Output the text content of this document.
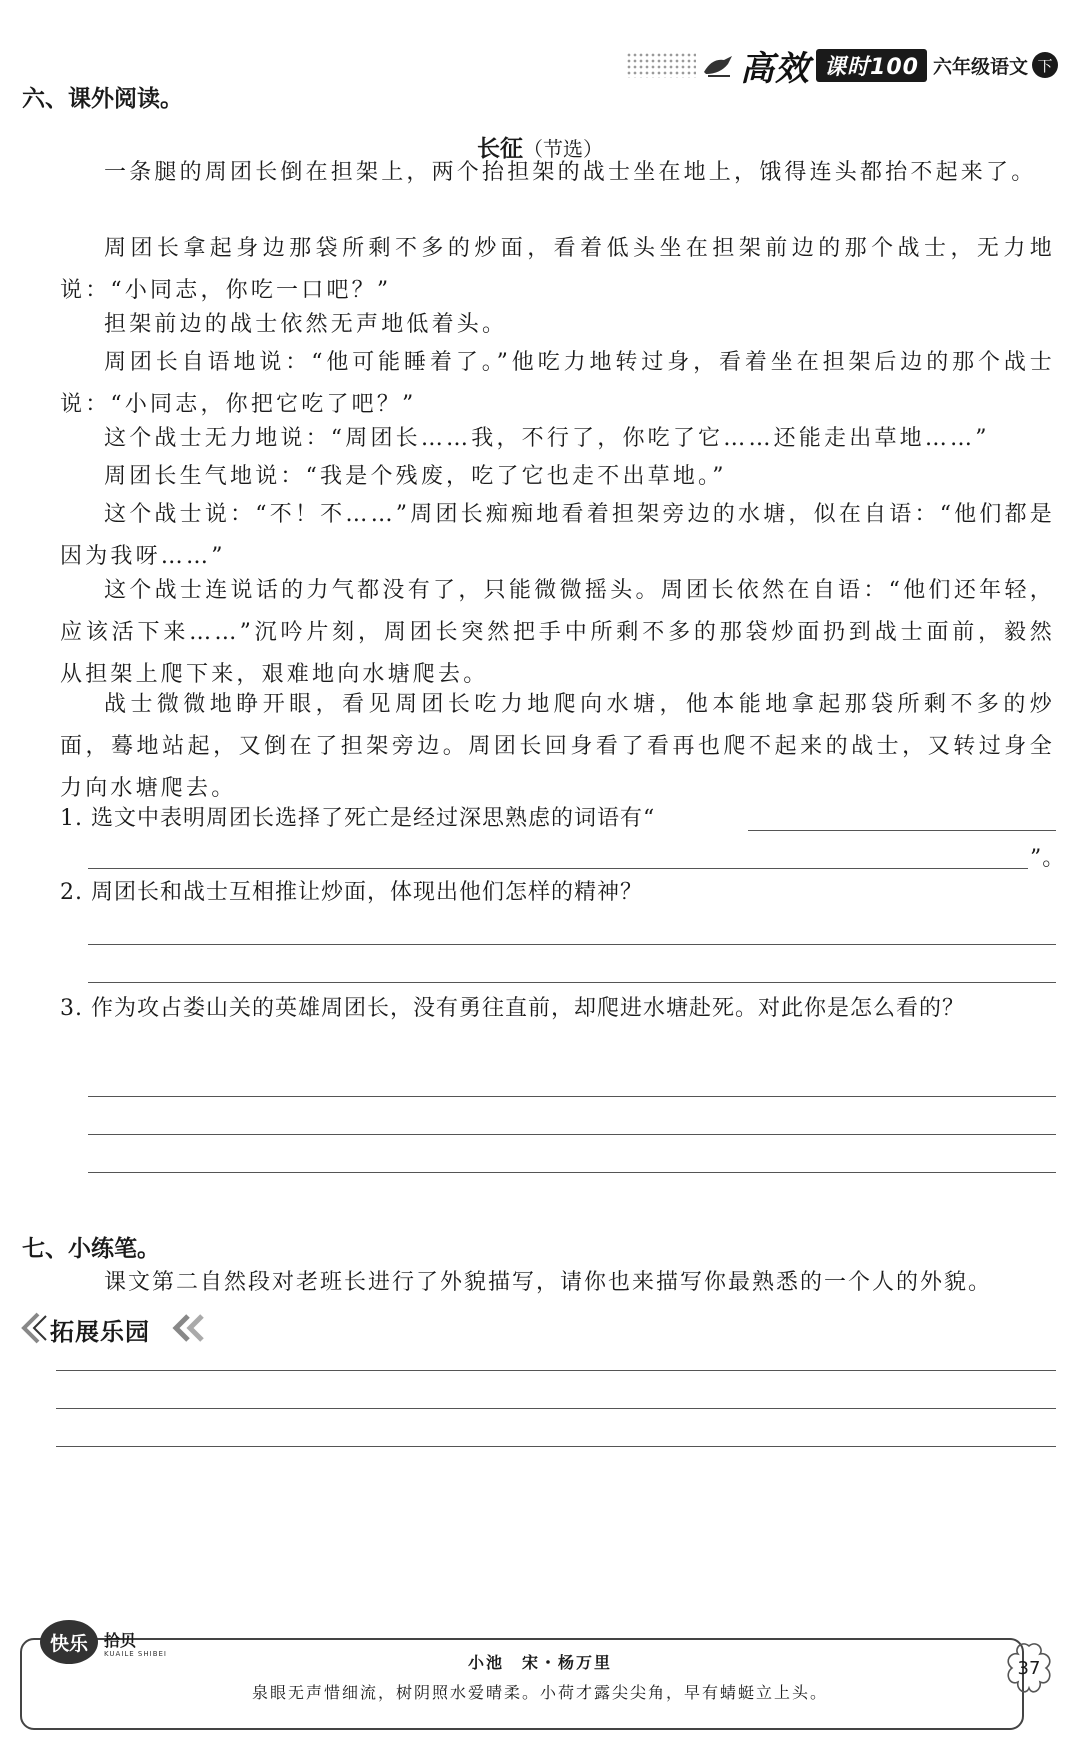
高效 课时100 六年级语文 下
六、课外阅读。
长征（节选）
一条腿的周团长倒在担架上，两个抬担架的战士坐在地上，饿得连头都抬不起来了。
周团长拿起身边那袋所剩不多的炒面，看着低头坐在担架前边的那个战士，无力地说：“小同志，你吃一口吧？”
担架前边的战士依然无声地低着头。
周团长自语地说：“他可能睡着了。”他吃力地转过身，看着坐在担架后边的那个战士说：“小同志，你把它吃了吧？”
这个战士无力地说：“周团长……我，不行了，你吃了它……还能走出草地……”
周团长生气地说：“我是个残废，吃了它也走不出草地。”
这个战士说：“不！不……”周团长痴痴地看着担架旁边的水塘，似在自语：“他们都是因为我呀……”
这个战士连说话的力气都没有了，只能微微摇头。周团长依然在自语：“他们还年轻，应该活下来……”沉吟片刻，周团长突然把手中所剩不多的那袋炒面扔到战士面前，毅然从担架上爬下来，艰难地向水塘爬去。
战士微微地睁开眼，看见周团长吃力地爬向水塘，他本能地拿起那袋所剩不多的炒面，蓦地站起，又倒在了担架旁边。周团长回身看了看再也爬不起来的战士，又转过身全力向水塘爬去。
1. 选文中表明周团长选择了死亡是经过深思熟虑的词语有“
”。
2. 周团长和战士互相推让炒面，体现出他们怎样的精神？
3. 作为攻占娄山关的英雄周团长，没有勇往直前，却爬进水塘赴死。对此你是怎么看的？
拓展乐园
七、小练笔。
课文第二自然段对老班长进行了外貌描写，请你也来描写你最熟悉的一个人的外貌。
快乐	拾贝
KUAILE SHIBEI	小池　宋・杨万里
泉眼无声惜细流，树阴照水爱晴柔。小荷才露尖尖角，早有蜻蜓立上头。
37
